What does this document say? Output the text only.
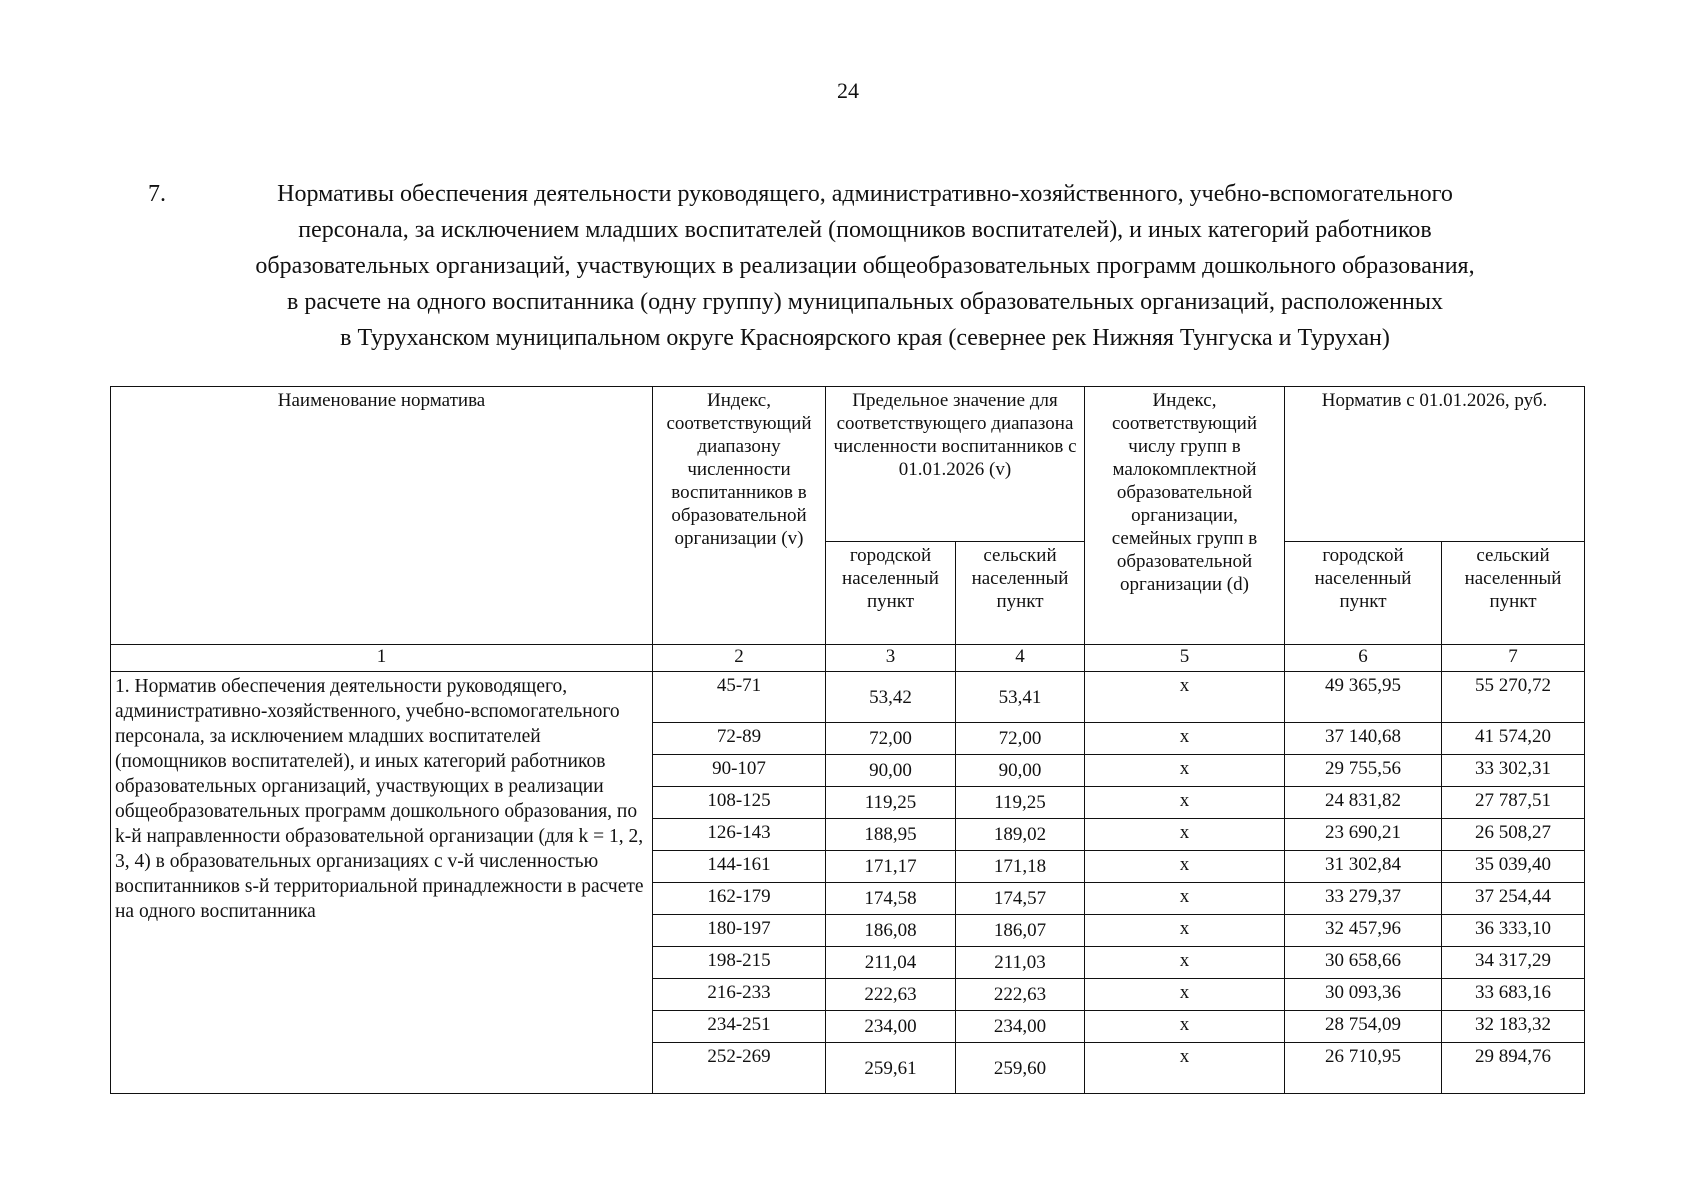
24
7.	Нормативы обеспечения деятельности руководящего, административно-хозяйственного, учебно-вспомогательного
персонала, за исключением младших воспитателей (помощников воспитателей), и иных категорий работников
образовательных организаций, участвующих в реализации общеобразовательных программ дошкольного образования,
в расчете на одного воспитанника (одну группу) муниципальных образовательных организаций, расположенных
в Туруханском муниципальном округе Красноярского края (севернее рек Нижняя Тунгуска и Турухан)
Наименование норматива	Индекс, соответствующий диапазону численности воспитанников в образовательной организации (v)	Предельное значение для соответствующего диапазона численности воспитанников с 01.01.2026 (v)		Индекс, соответствующий числу групп в малокомплектной образовательной организации, семейных групп в образовательной организации (d)	Норматив с 01.01.2026, руб.	
		городской населенный пункт	сельский населенный пункт		городской населенный пункт	сельский населенный пункт
1	2	3	4	5	6	7
1. Норматив обеспечения деятельности руководящего, административно-хозяйственного, учебно-вспомогательного персонала, за исключением младших воспитателей (помощников воспитателей), и иных категорий работников образовательных организаций, участвующих в реализации общеобразовательных программ дошкольного образования, по k-й направленности образовательной организации (для k = 1, 2, 3, 4) в образовательных организациях с v-й численностью воспитанников s-й территориальной принадлежности в расчете на одного воспитанника	45-71	53,42	53,41	x	49 365,95	55 270,72
	72-89	72,00	72,00	x	37 140,68	41 574,20
	90-107	90,00	90,00	x	29 755,56	33 302,31
	108-125	119,25	119,25	x	24 831,82	27 787,51
	126-143	188,95	189,02	x	23 690,21	26 508,27
	144-161	171,17	171,18	x	31 302,84	35 039,40
	162-179	174,58	174,57	x	33 279,37	37 254,44
	180-197	186,08	186,07	x	32 457,96	36 333,10
	198-215	211,04	211,03	x	30 658,66	34 317,29
	216-233	222,63	222,63	x	30 093,36	33 683,16
	234-251	234,00	234,00	x	28 754,09	32 183,32
	252-269	259,61	259,60	x	26 710,95	29 894,76
